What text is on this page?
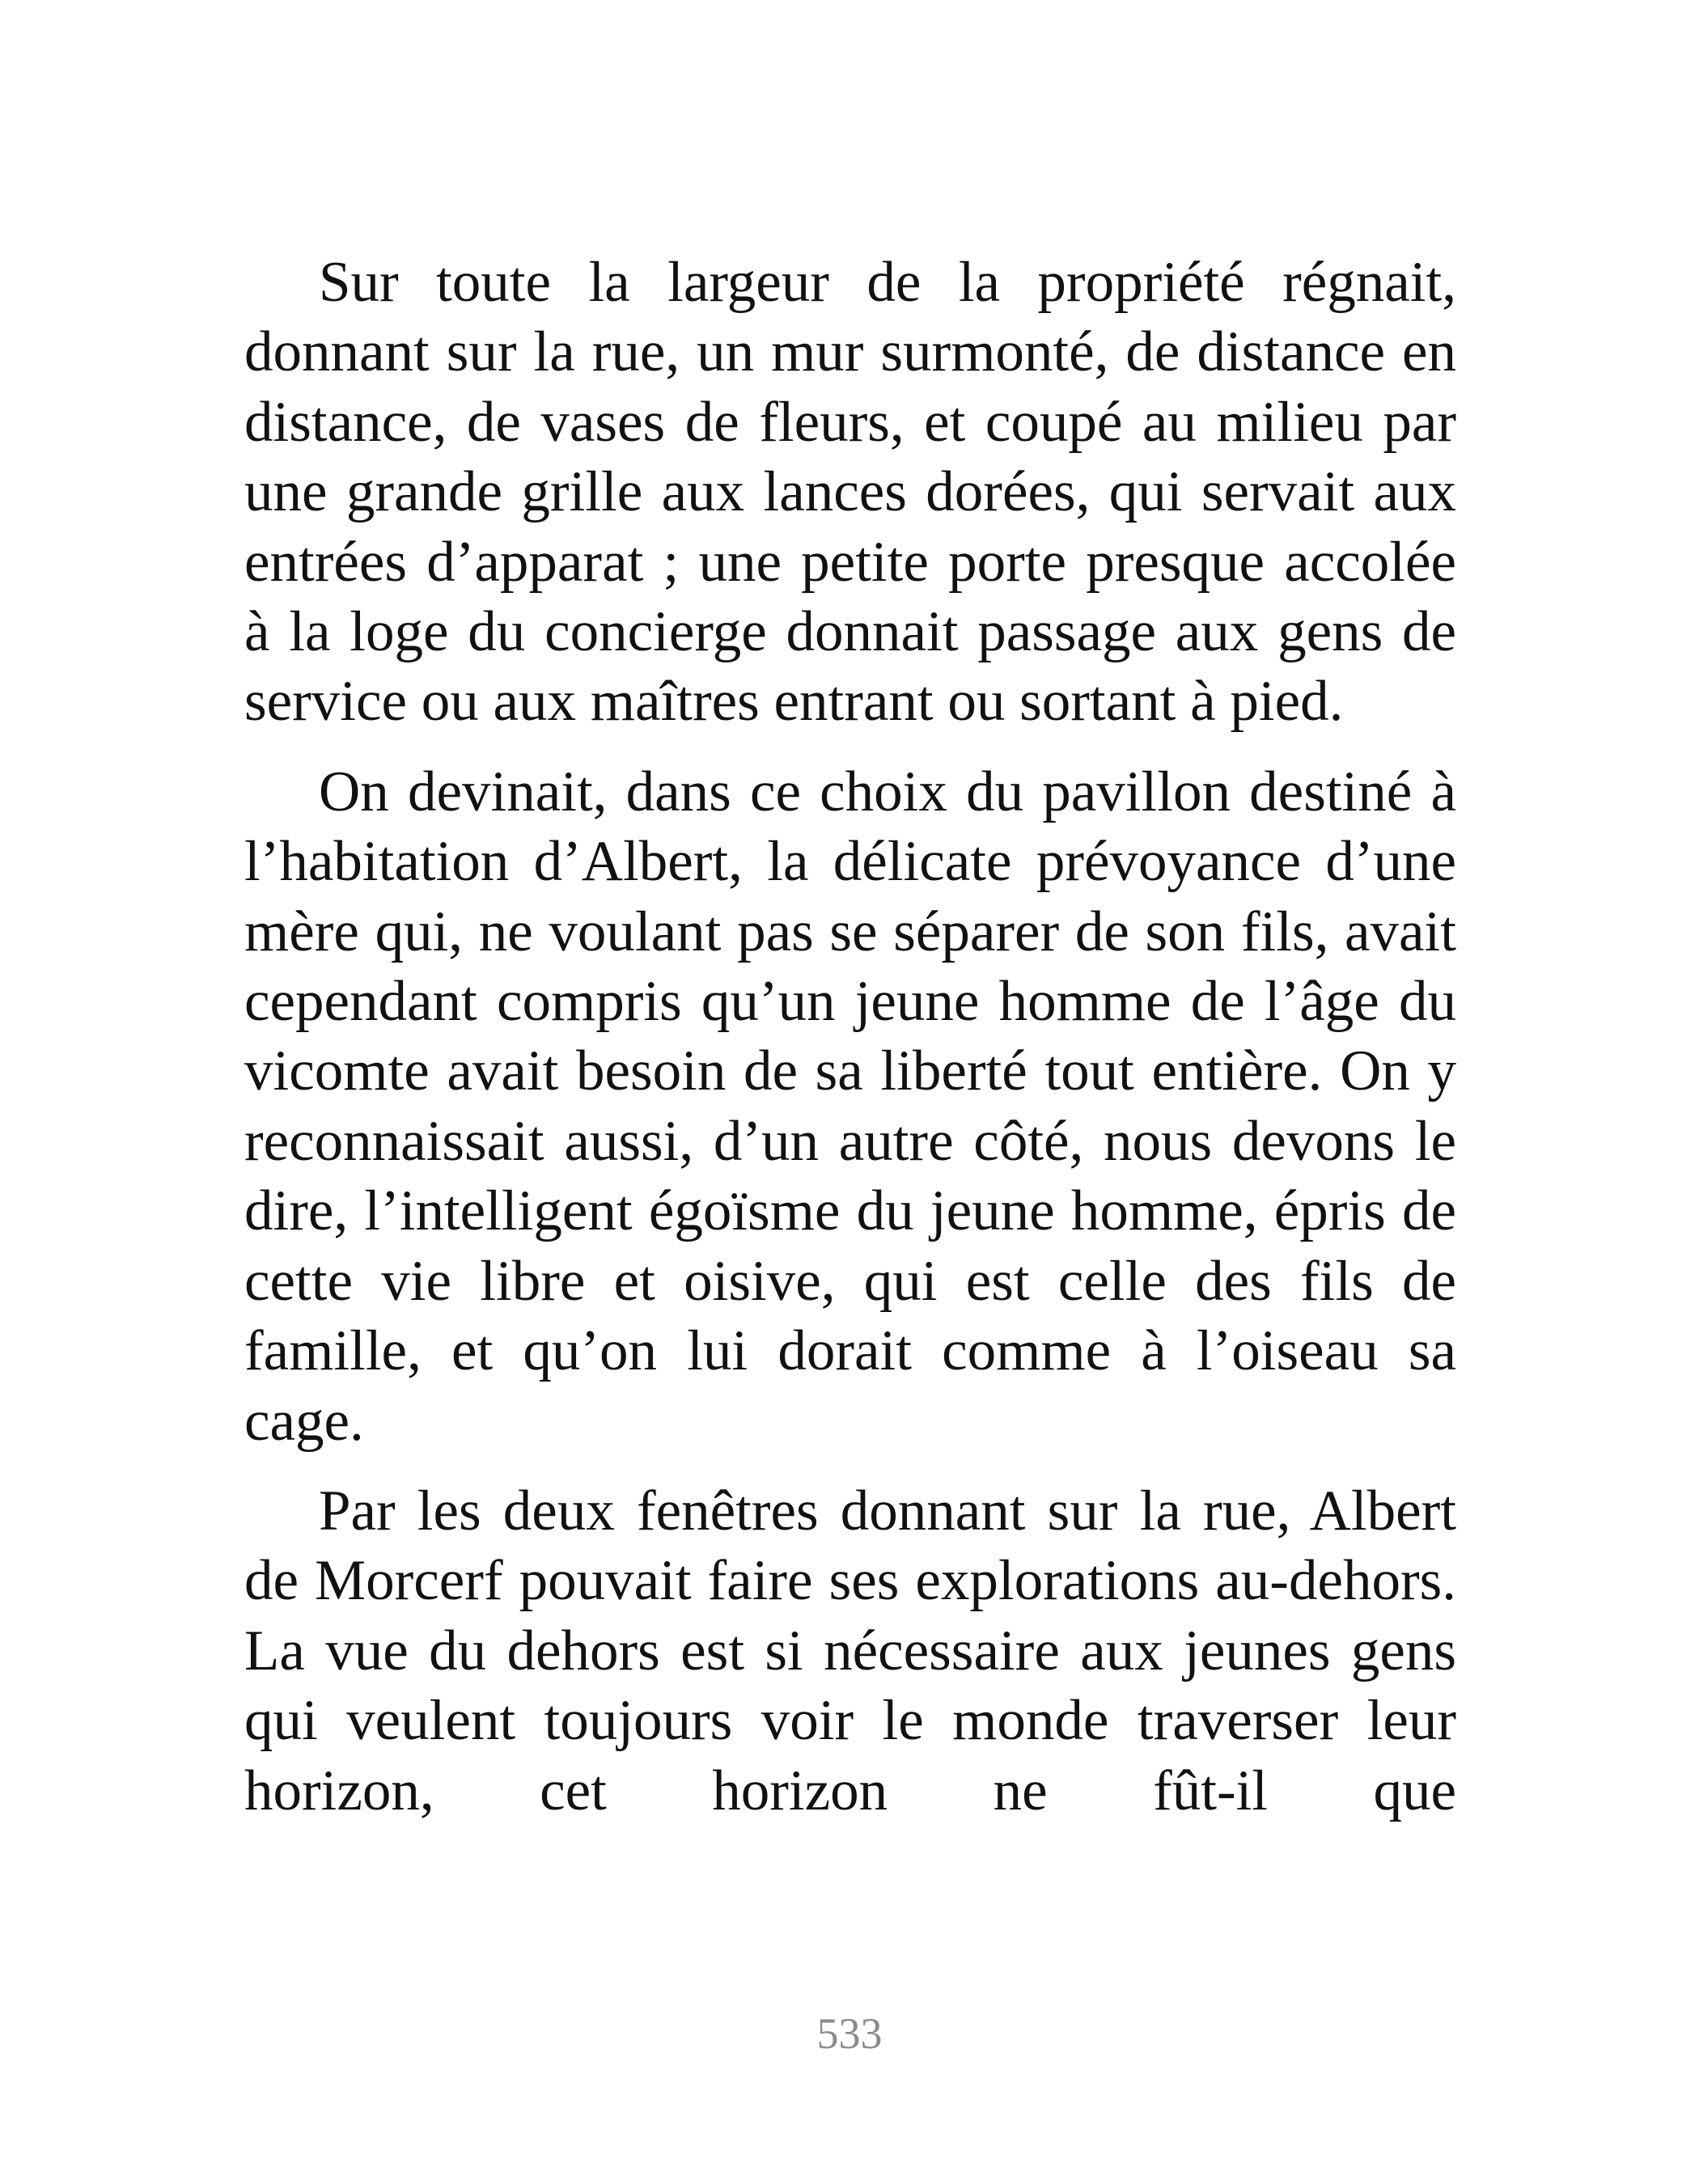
Sur toute la largeur de la propriété régnait, donnant sur la rue, un mur surmonté, de distance en distance, de vases de fleurs, et coupé au milieu par une grande grille aux lances dorées, qui servait aux entrées d’apparat ; une petite porte presque accolée à la loge du concierge donnait passage aux gens de service ou aux maîtres entrant ou sortant à pied.

On devinait, dans ce choix du pavillon destiné à l’habitation d’Albert, la délicate prévoyance d’une mère qui, ne voulant pas se séparer de son fils, avait cependant compris qu’un jeune homme de l’âge du vicomte avait besoin de sa liberté tout entière. On y reconnaissait aussi, d’un autre côté, nous devons le dire, l’intelligent égoïsme du jeune homme, épris de cette vie libre et oisive, qui est celle des fils de famille, et qu’on lui dorait comme à l’oiseau sa cage.

Par les deux fenêtres donnant sur la rue, Albert de Morcerf pouvait faire ses explorations au-dehors. La vue du dehors est si nécessaire aux jeunes gens qui veulent toujours voir le monde traverser leur horizon, cet horizon ne fût-il que

533
